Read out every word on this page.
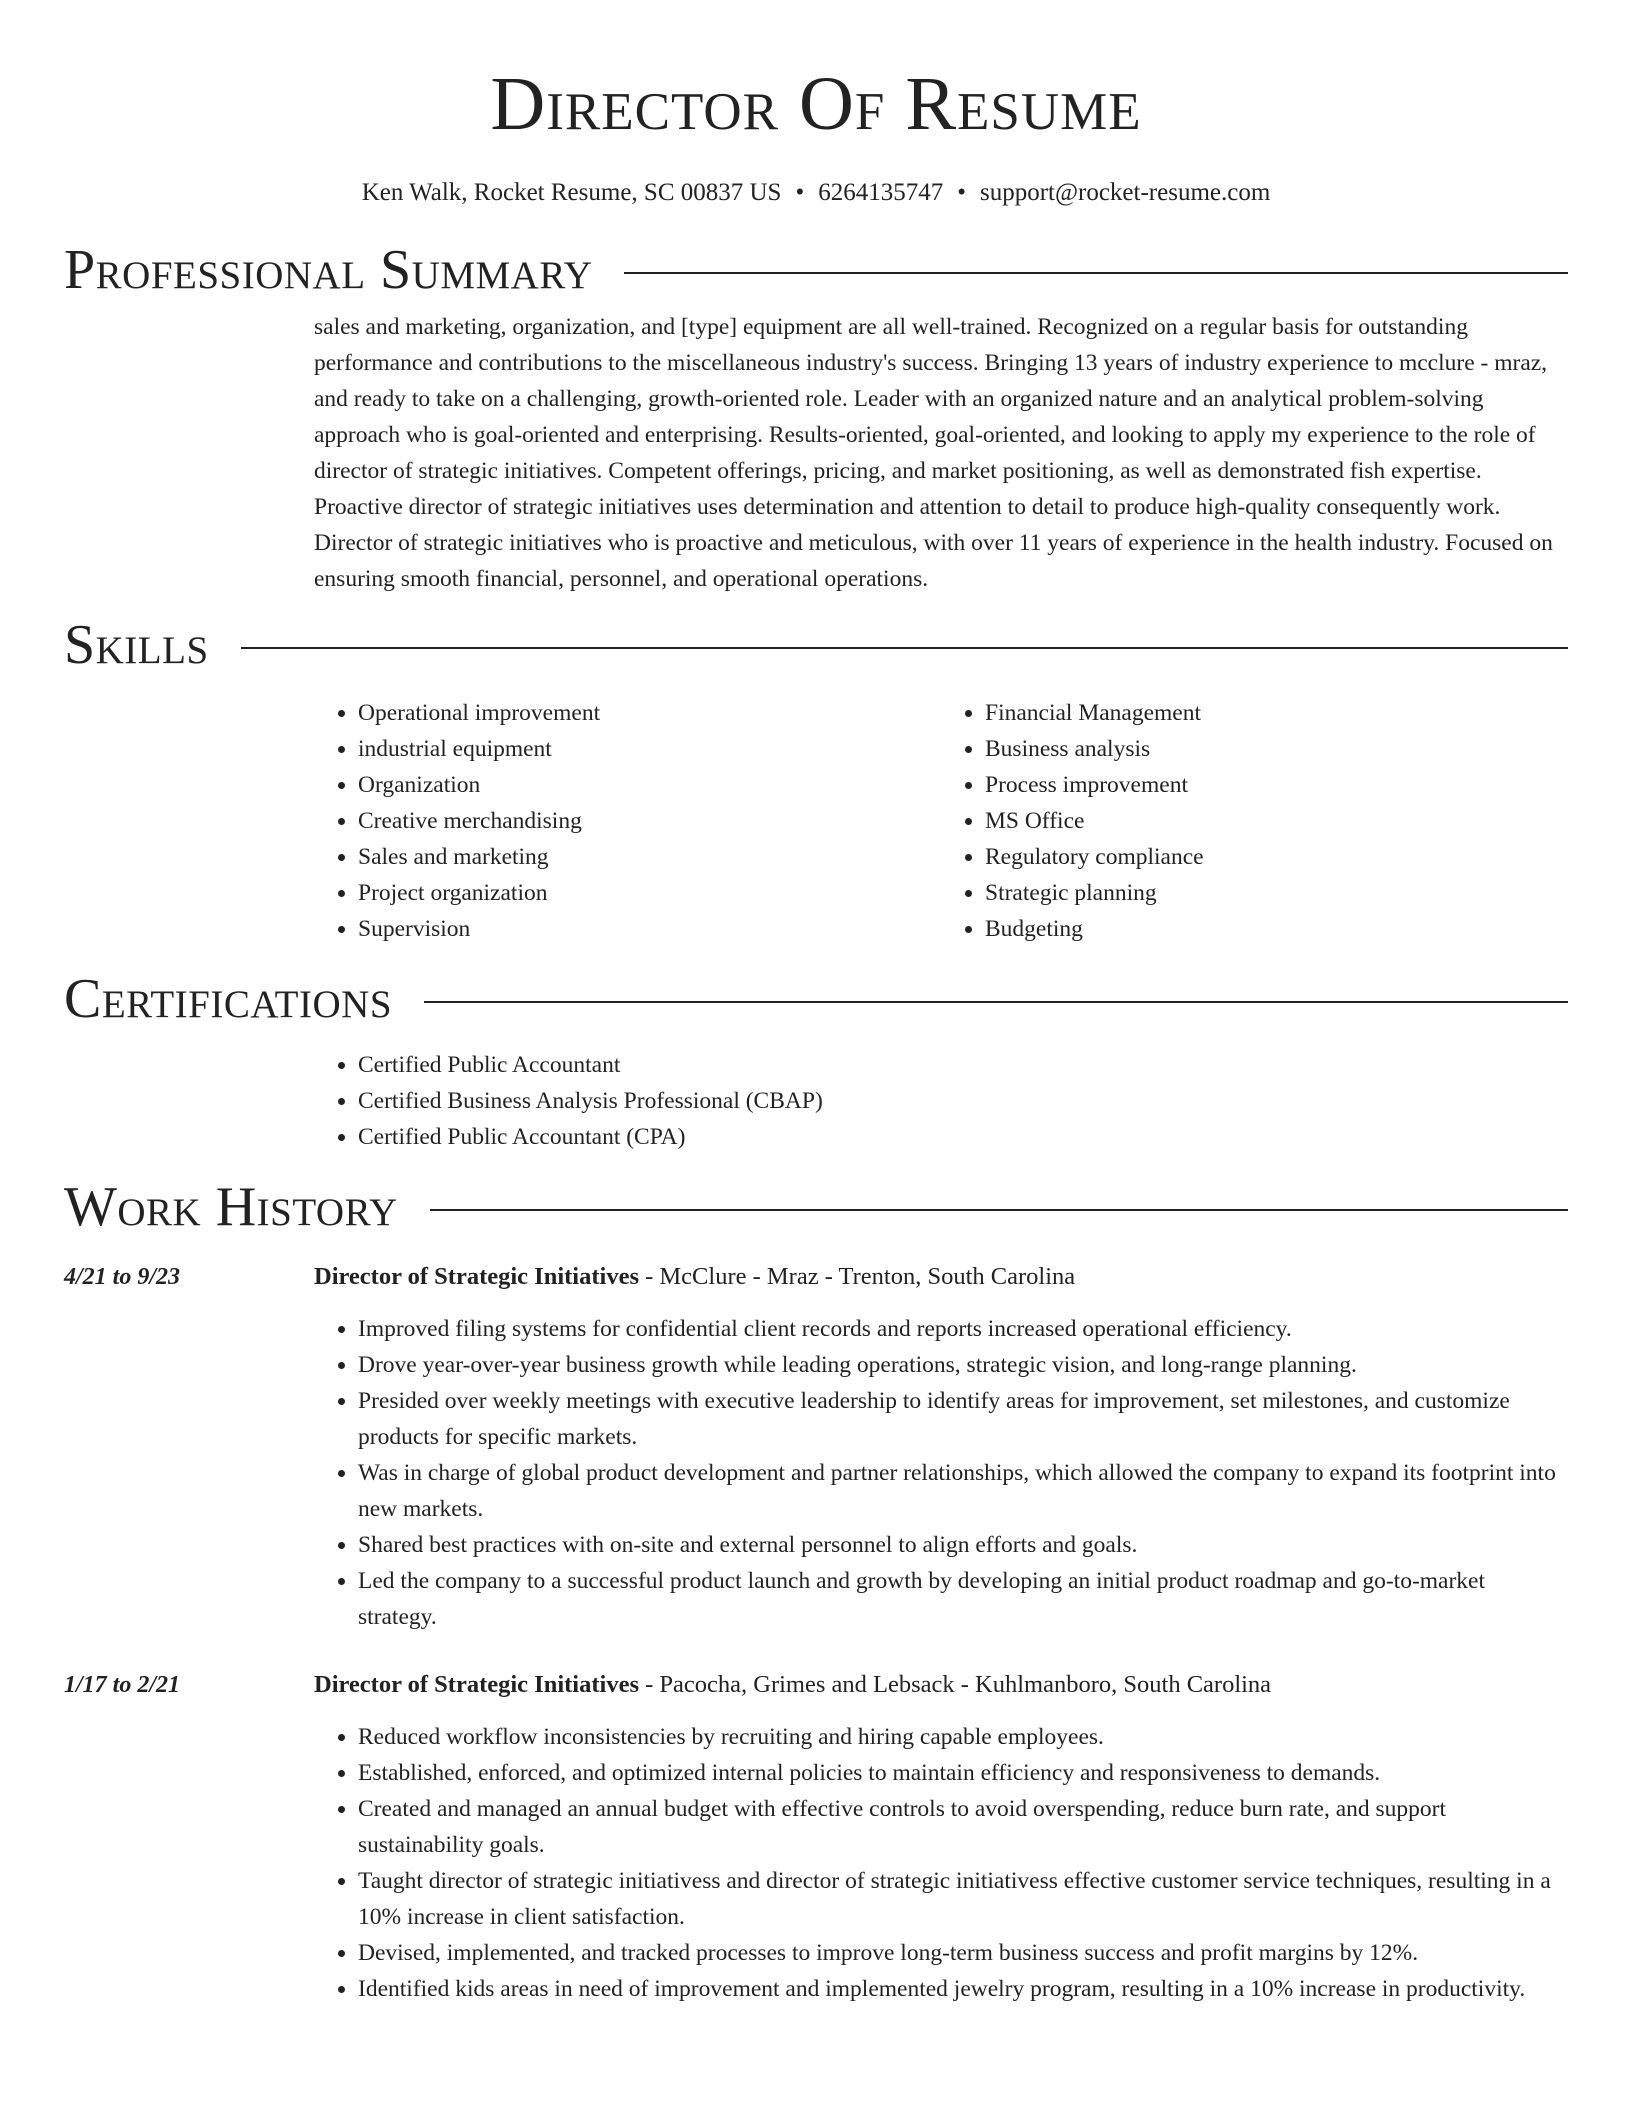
Director Of Resume
Ken Walk, Rocket Resume, SC 00837 US • 6264135747 • support@rocket-resume.com
Professional Summary

sales and marketing, organization, and [type] equipment are all well-trained. Recognized on a regular basis for outstanding performance and contributions to the miscellaneous industry's success. Bringing 13 years of industry experience to mcclure - mraz, and ready to take on a challenging, growth-oriented role. Leader with an organized nature and an analytical problem-solving approach who is goal-oriented and enterprising. Results-oriented, goal-oriented, and looking to apply my experience to the role of director of strategic initiatives. Competent offerings, pricing, and market positioning, as well as demonstrated fish expertise. Proactive director of strategic initiatives uses determination and attention to detail to produce high-quality consequently work. Director of strategic initiatives who is proactive and meticulous, with over 11 years of experience in the health industry. Focused on ensuring smooth financial, personnel, and operational operations.

Skills
• Operational improvement
• industrial equipment
• Organization
• Creative merchandising
• Sales and marketing
• Project organization
• Supervision
• Financial Management
• Business analysis
• Process improvement
• MS Office
• Regulatory compliance
• Strategic planning
• Budgeting
Certifications
• Certified Public Accountant
• Certified Business Analysis Professional (CBAP)
• Certified Public Accountant (CPA)
Work History
4/21 to 9/23	Director of Strategic Initiatives - McClure - Mraz - Trenton, South Carolina
• Improved filing systems for confidential client records and reports increased operational efficiency.
• Drove year-over-year business growth while leading operations, strategic vision, and long-range planning.
• Presided over weekly meetings with executive leadership to identify areas for improvement, set milestones, and customize products for specific markets.
• Was in charge of global product development and partner relationships, which allowed the company to expand its footprint into new markets.
• Shared best practices with on-site and external personnel to align efforts and goals.
• Led the company to a successful product launch and growth by developing an initial product roadmap and go-to-market strategy.
1/17 to 2/21	Director of Strategic Initiatives - Pacocha, Grimes and Lebsack - Kuhlmanboro, South Carolina
• Reduced workflow inconsistencies by recruiting and hiring capable employees.
• Established, enforced, and optimized internal policies to maintain efficiency and responsiveness to demands.
• Created and managed an annual budget with effective controls to avoid overspending, reduce burn rate, and support sustainability goals.
• Taught director of strategic initiativess and director of strategic initiativess effective customer service techniques, resulting in a 10% increase in client satisfaction.
• Devised, implemented, and tracked processes to improve long-term business success and profit margins by 12%.
• Identified kids areas in need of improvement and implemented jewelry program, resulting in a 10% increase in productivity.
